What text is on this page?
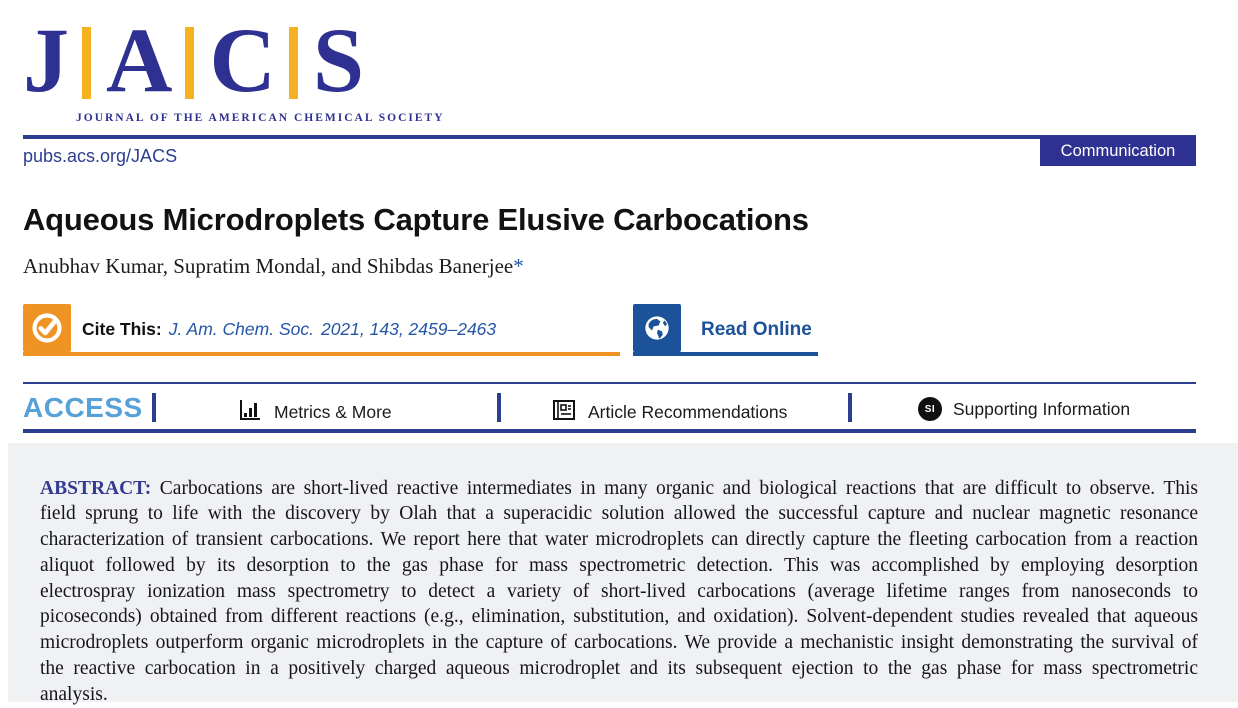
J A C S
JOURNAL OF THE AMERICAN CHEMICAL SOCIETY
Communication
pubs.acs.org/JACS
Aqueous Microdroplets Capture Elusive Carbocations
Anubhav Kumar, Supratim Mondal, and Shibdas Banerjee*
Cite This: J. Am. Chem. Soc. 2021, 143, 2459–2463	Read Online
ACCESS	Metrics & More	Article Recommendations	SI	Supporting Information

ABSTRACT: Carbocations are short-lived reactive intermediates in many organic and biological reactions that are difficult to observe. This field sprung to life with the discovery by Olah that a superacidic solution allowed the successful capture and nuclear magnetic resonance characterization of transient carbocations. We report here that water microdroplets can directly capture the fleeting carbocation from a reaction aliquot followed by its desorption to the gas phase for mass spectrometric detection. This was accomplished by employing desorption electrospray ionization mass spectrometry to detect a variety of short-lived carbocations (average lifetime ranges from nanoseconds to picoseconds) obtained from different reactions (e.g., elimination, substitution, and oxidation). Solvent-dependent studies revealed that aqueous microdroplets outperform organic microdroplets in the capture of carbocations. We provide a mechanistic insight demonstrating the survival of the reactive carbocation in a positively charged aqueous microdroplet and its subsequent ejection to the gas phase for mass spectrometric analysis.
